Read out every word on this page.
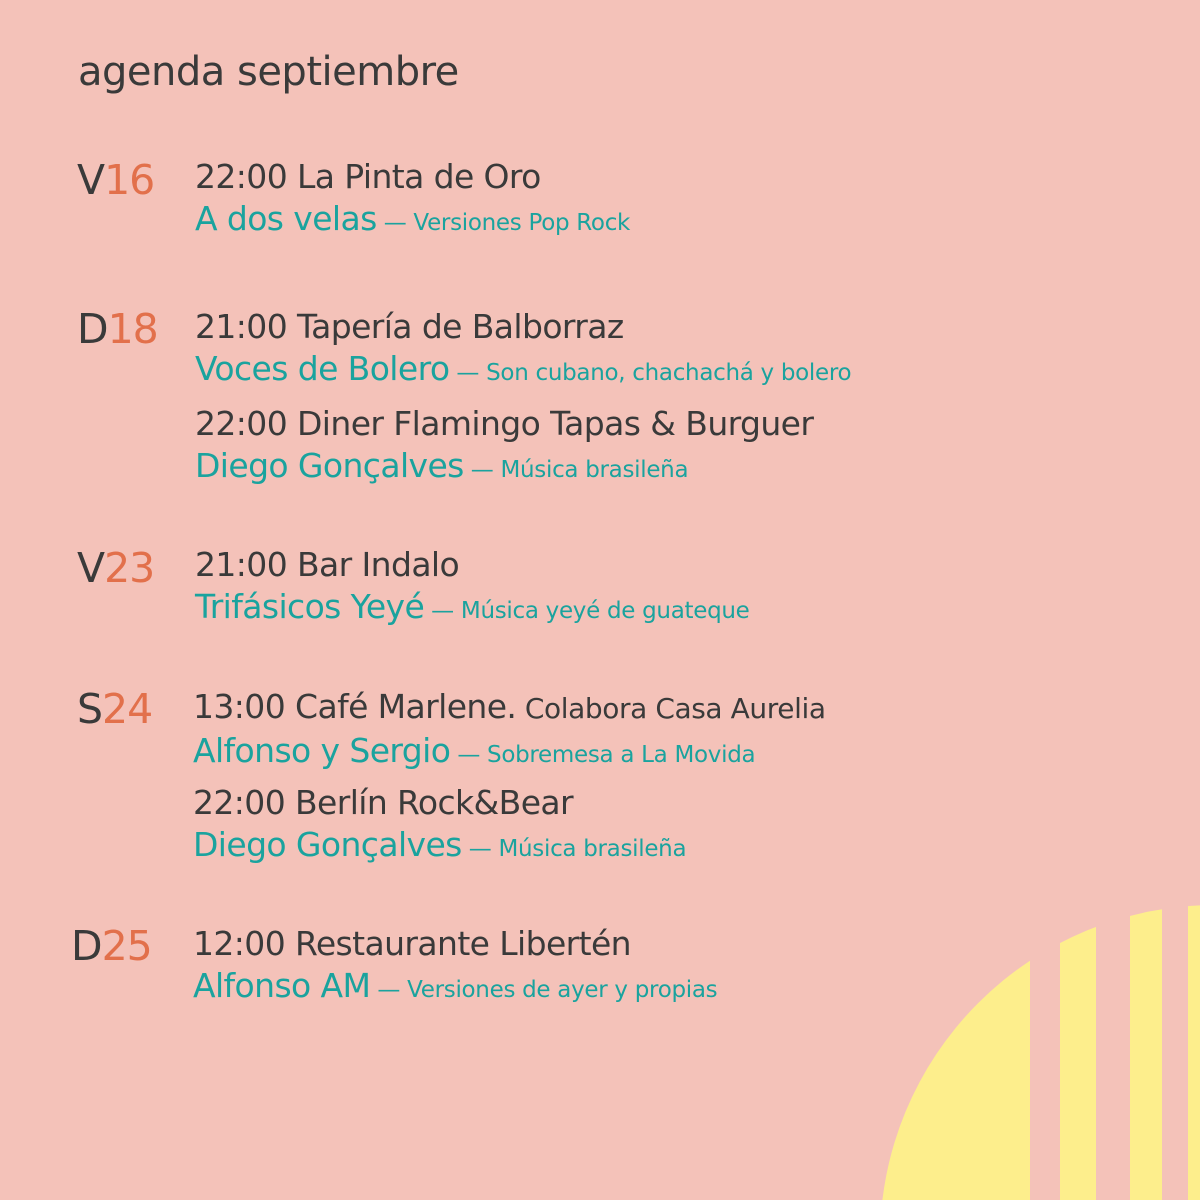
agenda septiembre
V16 22:00 La Pinta de Oro
A dos velas — Versiones Pop Rock
D18 21:00 Tapería de Balborraz
Voces de Bolero — Son cubano, chachachá y bolero
22:00 Diner Flamingo Tapas & Burguer
Diego Gonçalves — Música brasileña
V23 21:00 Bar Indalo
Trifásicos Yeyé — Música yeyé de guateque
S24 13:00 Café Marlene. Colabora Casa Aurelia
Alfonso y Sergio — Sobremesa a La Movida
22:00 Berlín Rock&Bear
Diego Gonçalves — Música brasileña
D25 12:00 Restaurante Libertén
Alfonso AM — Versiones de ayer y propias
